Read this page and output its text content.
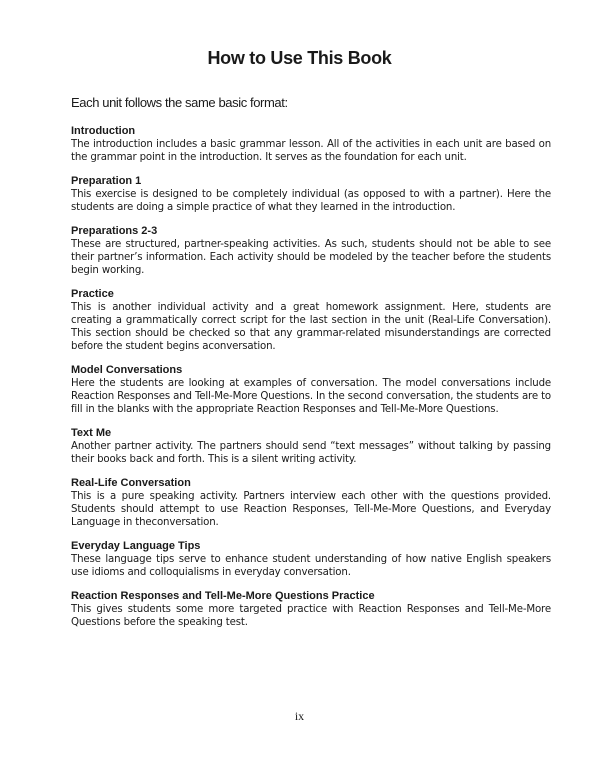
How to Use This Book

Each unit follows the same basic format:

Introduction

The introduction includes a basic grammar lesson. All of the activities in each unit are based on the grammar point in the introduction. It serves as the foundation for each unit.

Preparation 1

This exercise is designed to be completely individual (as opposed to with a partner). Here the students are doing a simple practice of what they learned in the introduction.

Preparations 2-3

These are structured, partner-speaking activities. As such, students should not be able to see their partner’s information. Each activity should be modeled by the teacher before the students begin working.

Practice

This is another individual activity and a great homework assignment. Here, students are creating a grammatically correct script for the last section in the unit (Real-Life Conversation). This section should be checked so that any grammar-related misunderstandings are corrected before the student begins aconversation.

Model Conversations

Here the students are looking at examples of conversation. The model conversations include Reaction Responses and Tell-Me-More Questions. In the second conversation, the students are to fill in the blanks with the appropriate Reaction Responses and Tell-Me-More Questions.

Text Me

Another partner activity. The partners should send “text messages” without talking by passing their books back and forth. This is a silent writing activity.

Real-Life Conversation

This is a pure speaking activity. Partners interview each other with the questions provided. Students should attempt to use Reaction Responses, Tell-Me-More Questions, and Everyday Language in theconversation.

Everyday Language Tips

These language tips serve to enhance student understanding of how native English speakers use idioms and colloquialisms in everyday conversation.

Reaction Responses and Tell-Me-More Questions Practice

This gives students some more targeted practice with Reaction Responses and Tell-Me-More Questions before the speaking test.

ix
